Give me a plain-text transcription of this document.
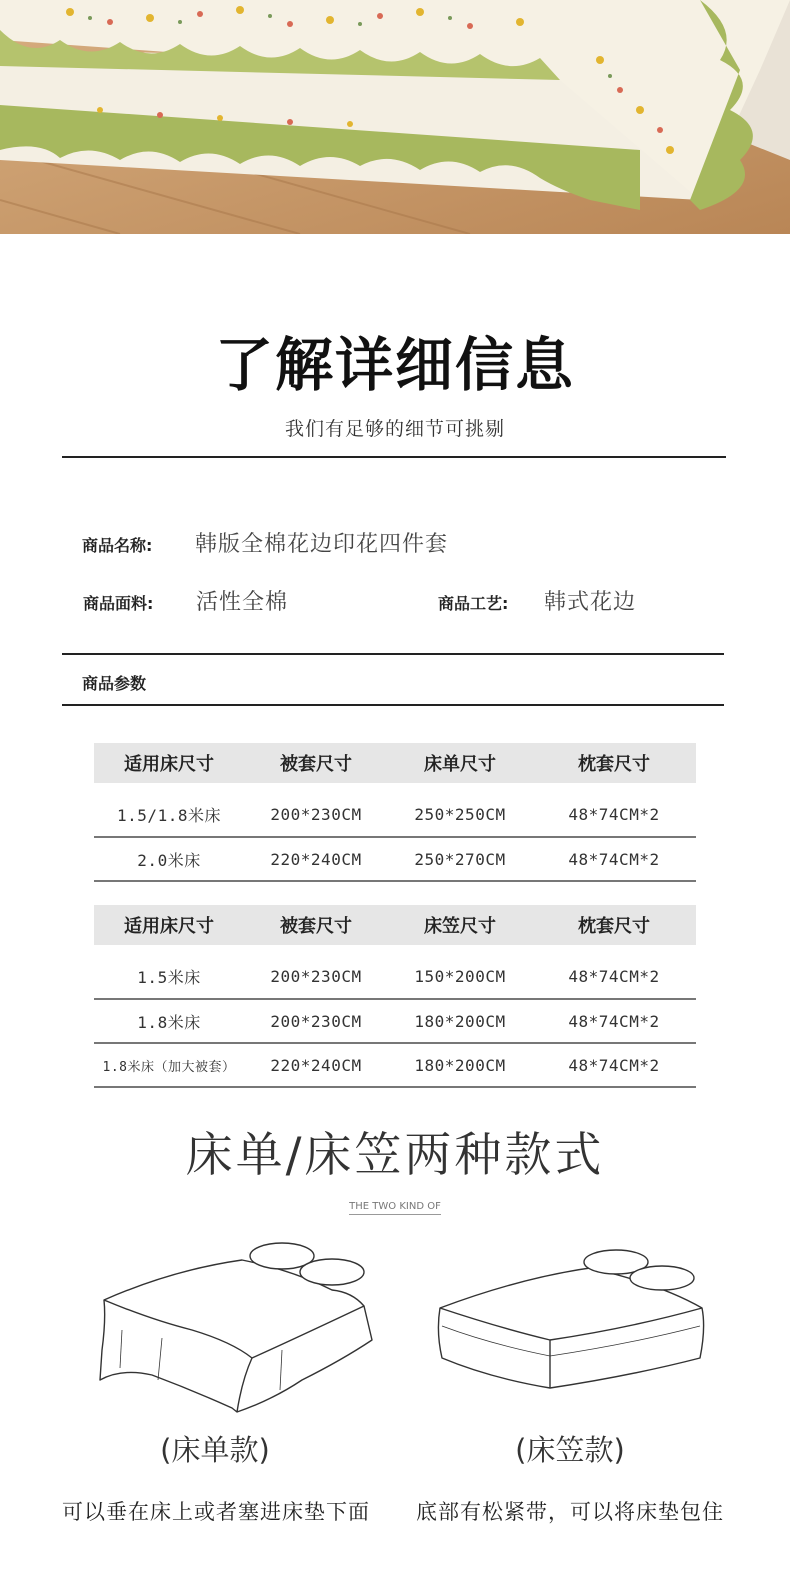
了解详细信息
我们有足够的细节可挑剔
商品名称: 韩版全棉花边印花四件套
商品面料: 活性全棉	商品工艺: 韩式花边
商品参数
适用床尺寸	被套尺寸	床单尺寸	枕套尺寸

1.5/1.8米床	200*230CM	250*250CM	48*74CM*2
2.0米床	220*240CM	250*270CM	48*74CM*2
适用床尺寸	被套尺寸	床笠尺寸	枕套尺寸

1.5米床	200*230CM	150*200CM	48*74CM*2
1.8米床	200*230CM	180*200CM	48*74CM*2
1.8米床（加大被套）	220*240CM	180*200CM	48*74CM*2
床单/床笠两种款式
THE TWO KIND OF
(床单款)	(床笠款)
可以垂在床上或者塞进床垫下面	底部有松紧带，可以将床垫包住
